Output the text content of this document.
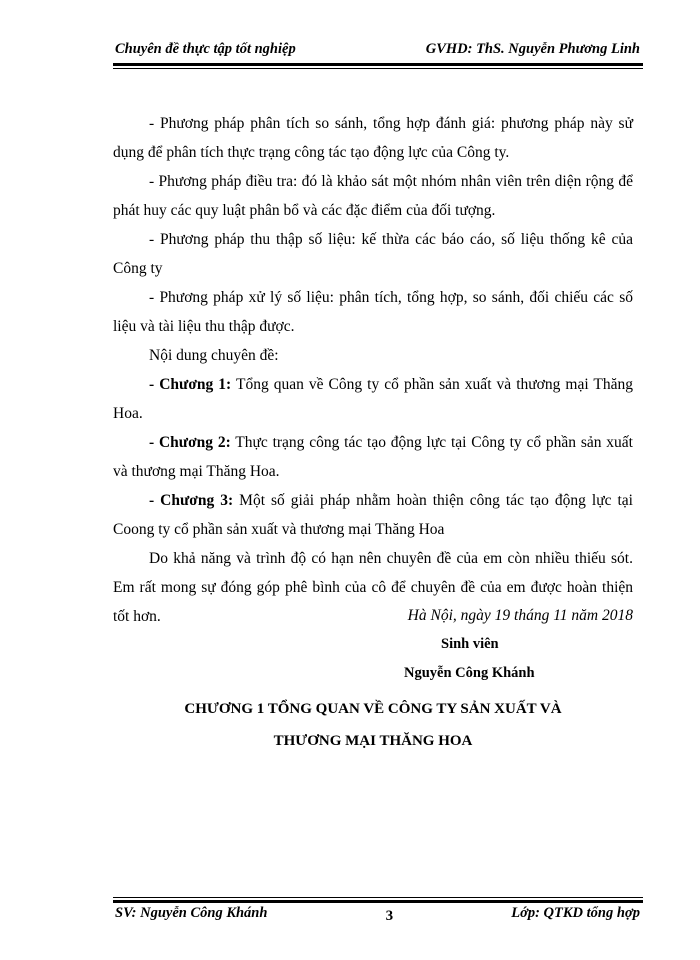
Chuyên đề thực tập tốt nghiệp	GVHD: ThS. Nguyễn Phương Linh

- Phương pháp phân tích so sánh, tổng hợp đánh giá: phương pháp này sử dụng để phân tích thực trạng công tác tạo động lực của Công ty.

- Phương pháp điều tra: đó là khảo sát một nhóm nhân viên trên diện rộng để phát huy các quy luật phân bổ và các đặc điểm của đối tượng.

- Phương pháp thu thập số liệu: kế thừa các báo cáo, số liệu thống kê của Công ty

- Phương pháp xử lý số liệu: phân tích, tổng hợp, so sánh, đối chiếu các số liệu và tài liệu thu thập được.

Nội dung chuyên đề:

- Chương 1: Tổng quan về Công ty cổ phần sản xuất và thương mại Thăng Hoa.

- Chương 2: Thực trạng công tác tạo động lực tại Công ty cổ phần sản xuất và thương mại Thăng Hoa.

- Chương 3: Một số giải pháp nhằm hoàn thiện công tác tạo động lực tại Coong ty cổ phần sản xuất và thương mại Thăng Hoa

Do khả năng và trình độ có hạn nên chuyên đề của em còn nhiều thiếu sót. Em rất mong sự đóng góp phê bình của cô để chuyên đề của em được hoàn thiện tốt hơn.	Hà Nội, ngày 19 tháng 11 năm 2018
Sinh viên
Nguyễn Công Khánh
CHƯƠNG 1 TỔNG QUAN VỀ CÔNG TY SẢN XUẤT VÀ
THƯƠNG MẠI THĂNG HOA
SV: Nguyễn Công Khánh	3	Lớp: QTKD tổng hợp
